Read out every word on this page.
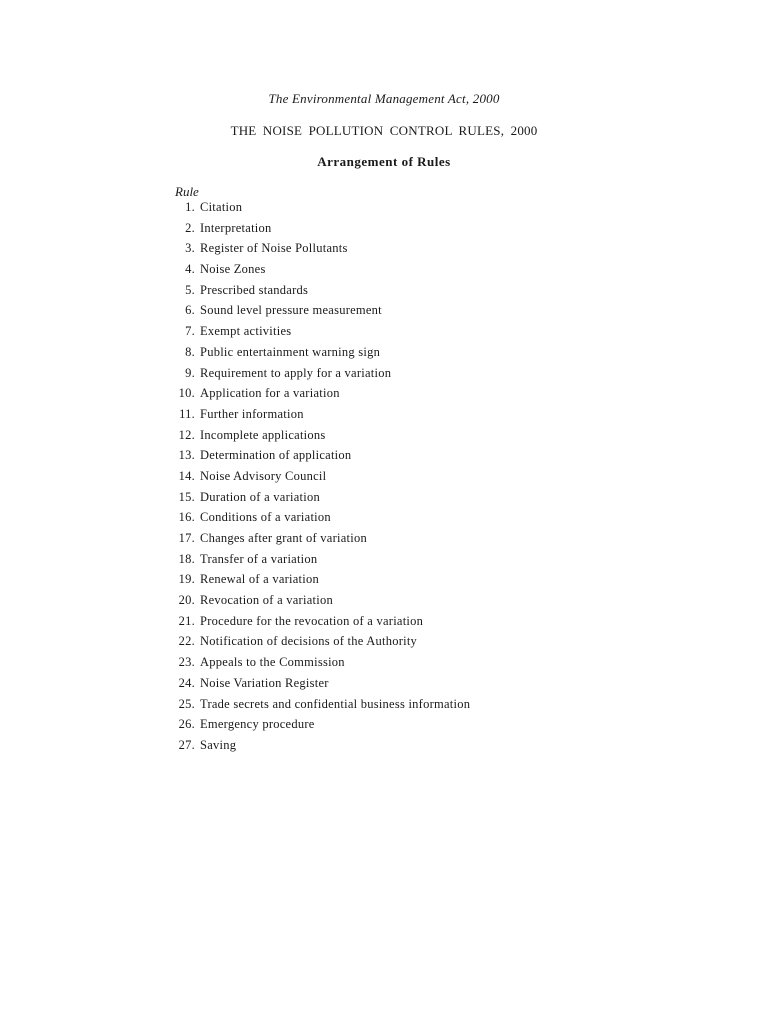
The Environmental Management Act, 2000
THE NOISE POLLUTION CONTROL RULES, 2000
Arrangement of Rules
Rule
1. Citation
2. Interpretation
3. Register of Noise Pollutants
4. Noise Zones
5. Prescribed standards
6. Sound level pressure measurement
7. Exempt activities
8. Public entertainment warning sign
9. Requirement to apply for a variation
10. Application for a variation
11. Further information
12. Incomplete applications
13. Determination of application
14. Noise Advisory Council
15. Duration of a variation
16. Conditions of a variation
17. Changes after grant of variation
18. Transfer of a variation
19. Renewal of a variation
20. Revocation of a variation
21. Procedure for the revocation of a variation
22. Notification of decisions of the Authority
23. Appeals to the Commission
24. Noise Variation Register
25. Trade secrets and confidential business information
26. Emergency procedure
27. Saving
